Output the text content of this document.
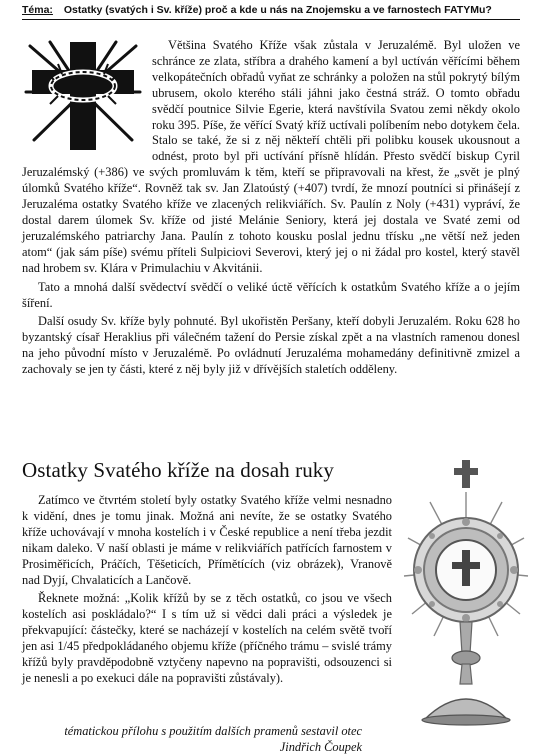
Téma: Ostatky (svatých i Sv. kříže) proč a kde u nás na Znojemsku a ve farnostech FATYMu?

Většina Svatého Kříže však zůstala v Jeruzalémě. Byl uložen ve schránce ze zlata, stříbra a drahého kamení a byl uctíván věřícími během velkopátečních obřadů vyňat ze schránky a položen na stůl pokrytý bílým ubrusem, okolo kterého stáli jáhni jako čestná stráž. O tomto obřadu svědčí poutnice Silvie Egerie, která navštívila Svatou zemi někdy okolo roku 395. Píše, že věřící Svatý kříž uctívali políbením nebo dotykem čela. Stalo se také, že si z něj někteří chtěli při polibku kousek ukousnout a odnést, proto byl při uctívání přísně hlídán. Přesto svědčí biskup Cyril Jeruzalémský (+386) ve svých promluvám k těm, kteří se připravovali na křest, že „svět je plný úlomků Svatého kříže“. Rovněž tak sv. Jan Zlatoústý (+407) tvrdí, že mnozí poutníci si přinášejí z Jeruzaléma ostatky Svatého kříže ve zlacených relikviářích. Sv. Paulín z Noly (+431) vypráví, že dostal darem úlomek Sv. kříže od jisté Melánie Seniory, která jej dostala ve Svaté zemi od jeruzalémského patriarchy Jana. Paulín z tohoto kousku poslal jednu třísku „ne větší než jeden atom“ (jak sám píše) svému příteli Sulpiciovi Severovi, který jej o ni žádal pro kostel, který stavěl nad hrobem sv. Klára v Primulachiu v Akvitánii.

Tato a mnohá další svědectví svědčí o veliké úctě věřících k ostatkům Svatého kříže a o jejím šíření.

Další osudy Sv. kříže byly pohnuté. Byl ukořistěn Peršany, kteří dobyli Jeruzalém. Roku 628 ho byzantský císař Heraklius při válečném tažení do Persie získal zpět a na vlastních ramenou donesl na jeho původní místo v Jeruzalémě. Po ovládnutí Jeruzaléma mohamedány definitivně zmizel a zachovaly se jen ty části, které z něj byly již v dřívějších staletích odděleny.

Ostatky Svatého kříže na dosah ruky

Zatímco ve čtvrtém století byly ostatky Svatého kříže velmi nesnadno k vidění, dnes je tomu jinak. Možná ani nevíte, že se ostatky Svatého kříže uchovávají v mnoha kostelích i v České republice a není třeba jezdit nikam daleko. V naší oblasti je máme v relikviářích patřících farnostem v Prosiměřicích, Práčích, Těšeticích, Přímětících (viz obrázek), Vranově nad Dyjí, Chvalaticích a Lančově.

Řeknete možná: „Kolik křížů by se z těch ostatků, co jsou ve všech kostelích asi poskládalo?“ I s tím už si vědci dali práci a výsledek je překvapující: částečky, které se nacházejí v kostelích na celém světě tvoří jen asi 1/45 předpokládaného objemu kříže (příčného trámu – svislé trámy křížů byly pravděpodobně vztyčeny napevno na popravišti, odsouzenci si je nenesli a po exekuci dále na popravišti zůstávaly).

tématickou přílohu s použitím dalších pramenů sestavil otec
Jindřich Čoupek
